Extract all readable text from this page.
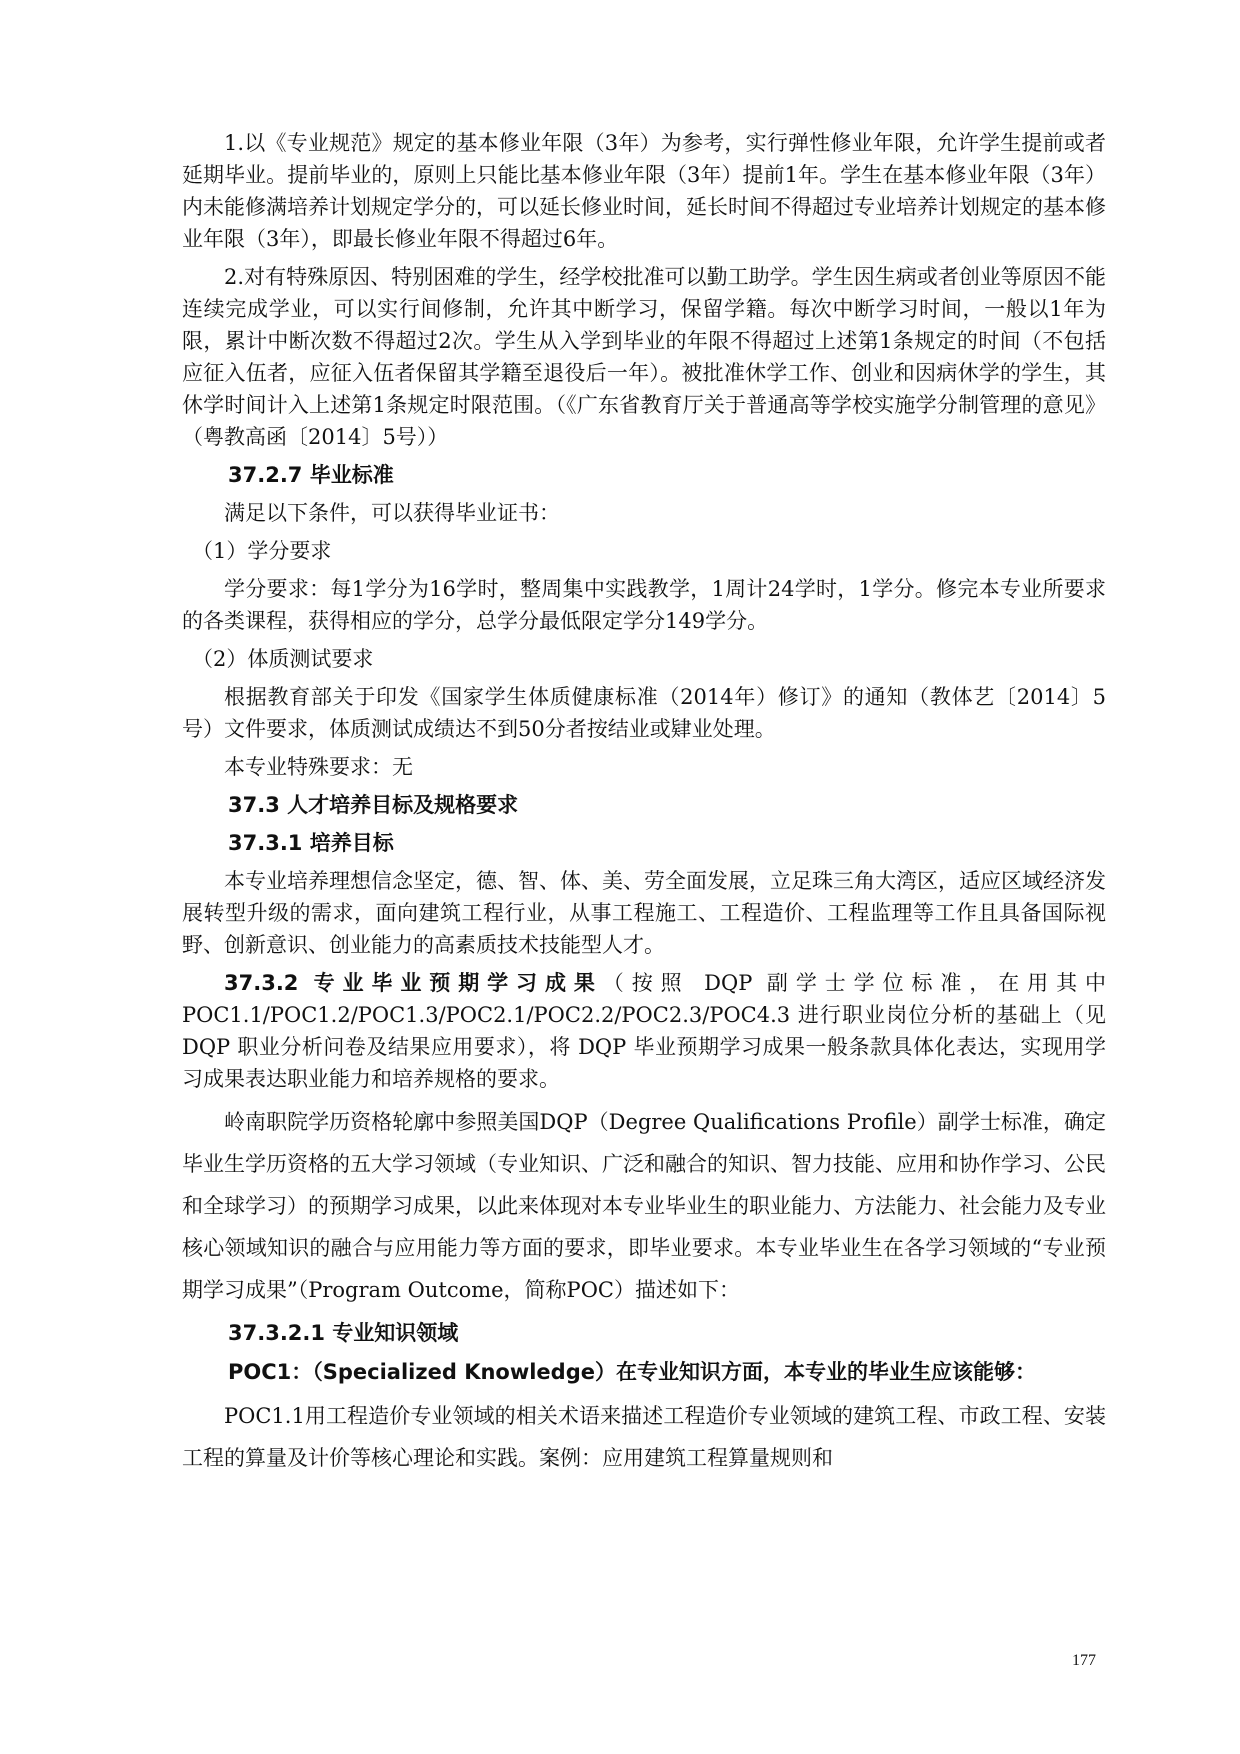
1.以《专业规范》规定的基本修业年限（3年）为参考，实行弹性修业年限，允许学生提前或者延期毕业。提前毕业的，原则上只能比基本修业年限（3年）提前1年。学生在基本修业年限（3年）内未能修满培养计划规定学分的，可以延长修业时间，延长时间不得超过专业培养计划规定的基本修业年限（3年），即最长修业年限不得超过6年。

2.对有特殊原因、特别困难的学生，经学校批准可以勤工助学。学生因生病或者创业等原因不能连续完成学业，可以实行间修制，允许其中断学习，保留学籍。每次中断学习时间，一般以1年为限，累计中断次数不得超过2次。学生从入学到毕业的年限不得超过上述第1条规定的时间（不包括应征入伍者，应征入伍者保留其学籍至退役后一年）。被批准休学工作、创业和因病休学的学生，其休学时间计入上述第1条规定时限范围。（《广东省教育厅关于普通高等学校实施学分制管理的意见》（粤教高函〔2014〕5号））

37.2.7 毕业标准

满足以下条件，可以获得毕业证书：

（1）学分要求

学分要求：每1学分为16学时，整周集中实践教学，1周计24学时，1学分。修完本专业所要求的各类课程，获得相应的学分，总学分最低限定学分149学分。

（2）体质测试要求

根据教育部关于印发《国家学生体质健康标准（2014年）修订》的通知（教体艺〔2014〕5号）文件要求，体质测试成绩达不到50分者按结业或肄业处理。

本专业特殊要求：无

37.3 人才培养目标及规格要求

37.3.1 培养目标

本专业培养理想信念坚定，德、智、体、美、劳全面发展，立足珠三角大湾区，适应区域经济发展转型升级的需求，面向建筑工程行业，从事工程施工、工程造价、工程监理等工作且具备国际视野、创新意识、创业能力的高素质技术技能型人才。

37.3.2 专业毕业预期学习成果（按照 DQP 副学士学位标准，在用其中 POC1.1/POC1.2/POC1.3/POC2.1/POC2.2/POC2.3/POC4.3 进行职业岗位分析的基础上（见 DQP 职业分析问卷及结果应用要求），将 DQP 毕业预期学习成果一般条款具体化表达，实现用学习成果表达职业能力和培养规格的要求。

岭南职院学历资格轮廓中参照美国DQP（Degree Qualifications Profile）副学士标准，确定毕业生学历资格的五大学习领域（专业知识、广泛和融合的知识、智力技能、应用和协作学习、公民和全球学习）的预期学习成果，以此来体现对本专业毕业生的职业能力、方法能力、社会能力及专业核心领域知识的融合与应用能力等方面的要求，即毕业要求。本专业毕业生在各学习领域的“专业预期学习成果”（Program Outcome，简称POC）描述如下：

37.3.2.1 专业知识领域

POC1：（Specialized Knowledge）在专业知识方面，本专业的毕业生应该能够：

POC1.1用工程造价专业领域的相关术语来描述工程造价专业领域的建筑工程、市政工程、安装工程的算量及计价等核心理论和实践。案例：应用建筑工程算量规则和

177
